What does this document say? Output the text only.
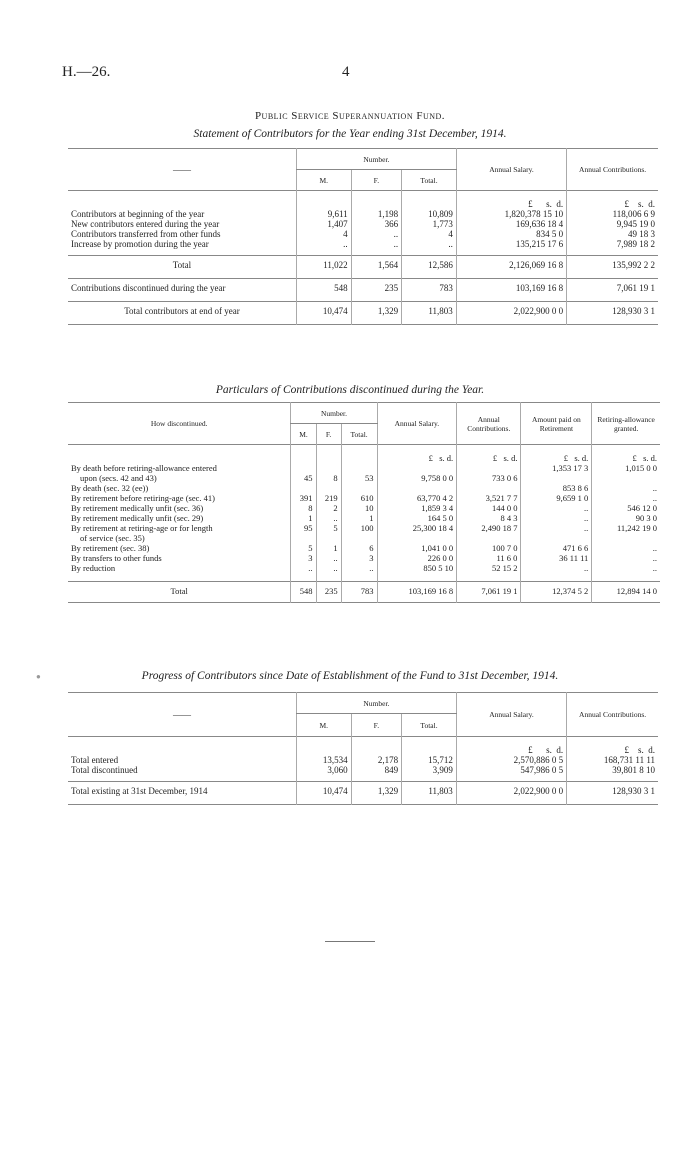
H.—26.	4
Public Service Superannuation Fund.
Statement of Contributors for the Year ending 31st December, 1914.
——	Number.			Annual Salary.	Annual Contributions.
	M.	F.	Total.		

				£ s. d.	£ s. d.
Contributors at beginning of the year	9,611	1,198	10,809	1,820,378 15 10	118,006 6 9
New contributors entered during the year	1,407	366	1,773	169,636 18 4	9,945 19 0
Contributors transferred from other funds	4	..	4	834 5 0	49 18 3
Increase by promotion during the year	..	..	..	135,215 17 6	7,989 18 2

Total	11,022	1,564	12,586	2,126,069 16 8	135,992 2 2
Contributions discontinued during the year	548	235	783	103,169 16 8	7,061 19 1
Total contributors at end of year	10,474	1,329	11,803	2,022,900 0 0	128,930 3 1
Particulars of Contributions discontinued during the Year.
How discontinued.	Number.			Annual Salary.	Annual Contributions.	Amount paid on Retirement	Retiring-allowance granted.
	M.	F.	Total.				

				£ s. d.	£ s. d.	£ s. d.	£ s. d.
By death before retiring-allowance entered						1,353 17 3	1,015 0 0
upon (secs. 42 and 43)	45	8	53	9,758 0 0	733 0 6		
By death (sec. 32 (ee))						853 8 6	..
By retirement before retiring-age (sec. 41)	391	219	610	63,770 4 2	3,521 7 7	9,659 1 0	..
By retirement medically unfit (sec. 36)	8	2	10	1,859 3 4	144 0 0	..	546 12 0
By retirement medically unfit (sec. 29)	1	..	1	164 5 0	8 4 3	..	90 3 0
By retirement at retiring-age or for length	95	5	100	25,300 18 4	2,490 18 7	..	11,242 19 0
of service (sec. 35)							
By retirement (sec. 38)	5	1	6	1,041 0 0	100 7 0	471 6 6	..
By transfers to other funds	3	..	3	226 0 0	11 6 0	36 11 11	..
By reduction	..	..	..	850 5 10	52 15 2	..	..

Total	548	235	783	103,169 16 8	7,061 19 1	12,374 5 2	12,894 14 0
●	Progress of Contributors since Date of Establishment of the Fund to 31st December, 1914.
——	Number.			Annual Salary.	Annual Contributions.
	M.	F.	Total.		

				£ s. d.	£ s. d.
Total entered	13,534	2,178	15,712	2,570,886 0 5	168,731 11 11
Total discontinued	3,060	849	3,909	547,986 0 5	39,801 8 10

Total existing at 31st December, 1914	10,474	1,329	11,803	2,022,900 0 0	128,930 3 1
